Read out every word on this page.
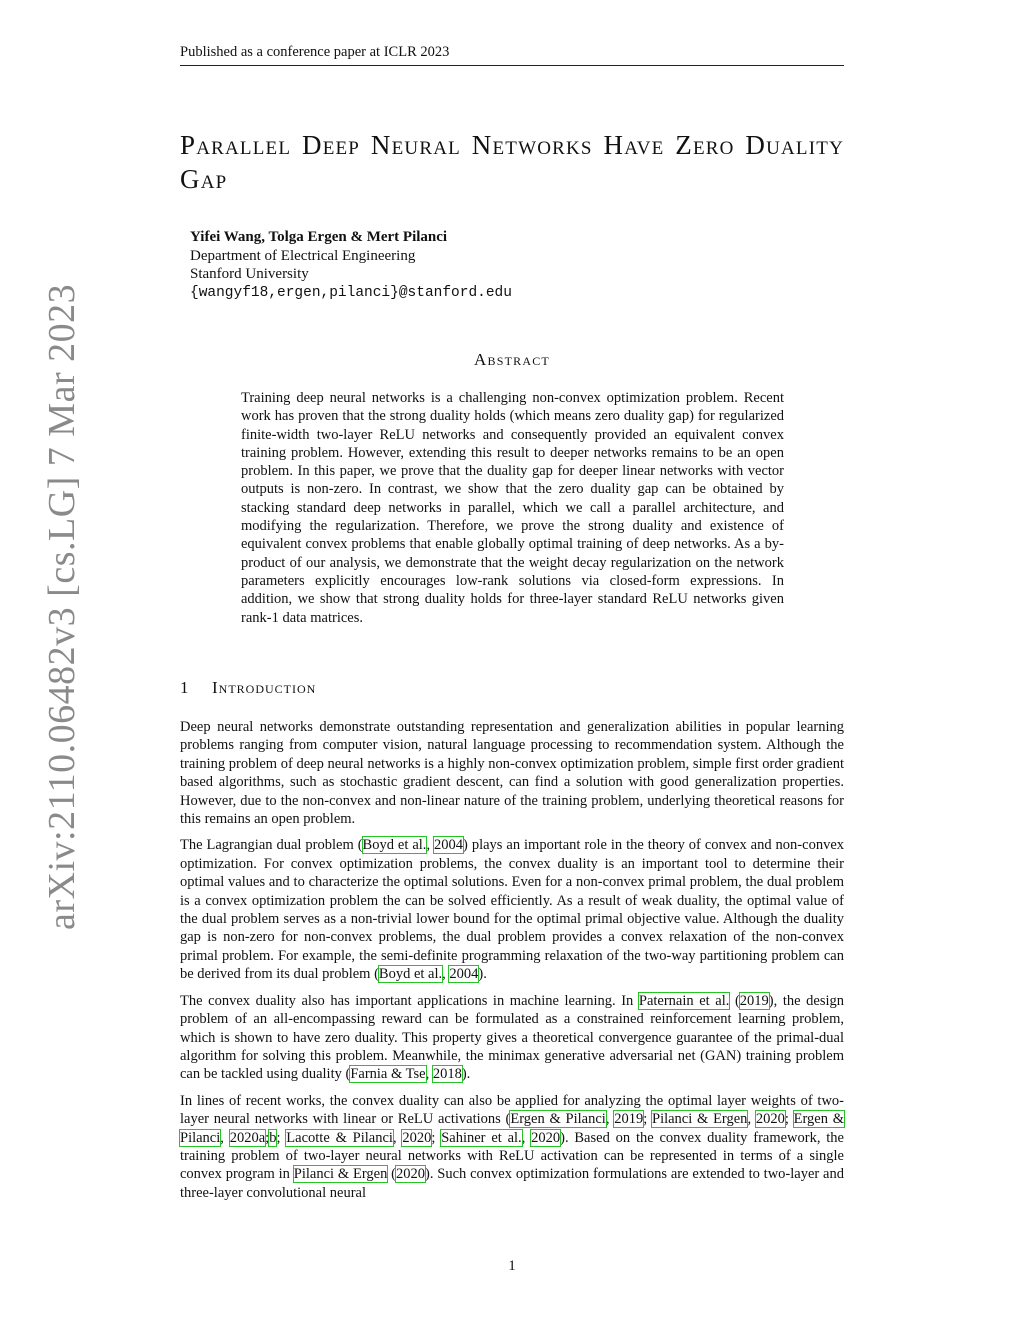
Published as a conference paper at ICLR 2023
Parallel Deep Neural Networks Have Zero Duality Gap
Yifei Wang, Tolga Ergen & Mert Pilanci
Department of Electrical Engineering
Stanford University
{wangyf18,ergen,pilanci}@stanford.edu
Abstract
Training deep neural networks is a challenging non-convex optimization problem. Recent work has proven that the strong duality holds (which means zero duality gap) for regularized finite-width two-layer ReLU networks and consequently provided an equivalent convex training problem. However, extending this result to deeper networks remains to be an open problem. In this paper, we prove that the duality gap for deeper linear networks with vector outputs is non-zero. In contrast, we show that the zero duality gap can be obtained by stacking standard deep networks in parallel, which we call a parallel architecture, and modifying the regularization. Therefore, we prove the strong duality and existence of equivalent convex problems that enable globally optimal training of deep networks. As a by-product of our analysis, we demonstrate that the weight decay regularization on the network parameters explicitly encourages low-rank solutions via closed-form expressions. In addition, we show that strong duality holds for three-layer standard ReLU networks given rank-1 data matrices.
1 Introduction

Deep neural networks demonstrate outstanding representation and generalization abilities in popular learning problems ranging from computer vision, natural language processing to recommendation system. Although the training problem of deep neural networks is a highly non-convex optimization problem, simple first order gradient based algorithms, such as stochastic gradient descent, can find a solution with good generalization properties. However, due to the non-convex and non-linear nature of the training problem, underlying theoretical reasons for this remains an open problem.

The Lagrangian dual problem (Boyd et al., 2004) plays an important role in the theory of convex and non-convex optimization. For convex optimization problems, the convex duality is an important tool to determine their optimal values and to characterize the optimal solutions. Even for a non-convex primal problem, the dual problem is a convex optimization problem the can be solved efficiently. As a result of weak duality, the optimal value of the dual problem serves as a non-trivial lower bound for the optimal primal objective value. Although the duality gap is non-zero for non-convex problems, the dual problem provides a convex relaxation of the non-convex primal problem. For example, the semi-definite programming relaxation of the two-way partitioning problem can be derived from its dual problem (Boyd et al., 2004).

The convex duality also has important applications in machine learning. In Paternain et al. (2019), the design problem of an all-encompassing reward can be formulated as a constrained reinforcement learning problem, which is shown to have zero duality. This property gives a theoretical convergence guarantee of the primal-dual algorithm for solving this problem. Meanwhile, the minimax generative adversarial net (GAN) training problem can be tackled using duality (Farnia & Tse, 2018).

In lines of recent works, the convex duality can also be applied for analyzing the optimal layer weights of two-layer neural networks with linear or ReLU activations (Ergen & Pilanci, 2019; Pilanci & Ergen, 2020; Ergen & Pilanci, 2020a;b; Lacotte & Pilanci, 2020; Sahiner et al., 2020). Based on the convex duality framework, the training problem of two-layer neural networks with ReLU activation can be represented in terms of a single convex program in Pilanci & Ergen (2020). Such convex optimization formulations are extended to two-layer and three-layer convolutional neural

1
arXiv:2110.06482v3 [cs.LG] 7 Mar 2023
